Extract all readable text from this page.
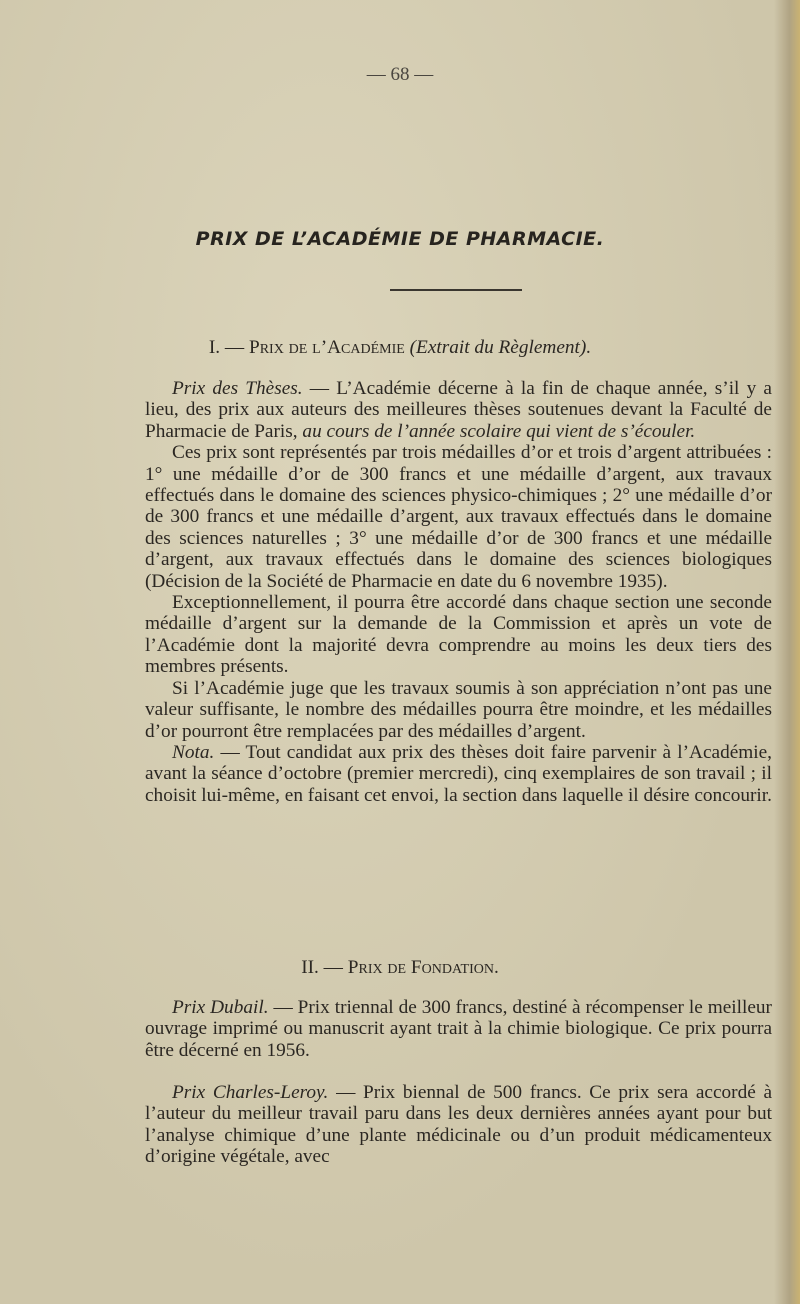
— 68 —
PRIX DE L’ACADÉMIE DE PHARMACIE.
I. — Prix de l’Académie (Extrait du Règlement).

Prix des Thèses. — L’Académie décerne à la fin de chaque année, s’il y a lieu, des prix aux auteurs des meilleures thèses soutenues devant la Faculté de Pharmacie de Paris, au cours de l’année scolaire qui vient de s’écouler.

Ces prix sont représentés par trois médailles d’or et trois d’argent attribuées : 1° une médaille d’or de 300 francs et une médaille d’argent, aux travaux effectués dans le domaine des sciences physico-chimiques ; 2° une médaille d’or de 300 francs et une médaille d’argent, aux travaux effectués dans le domaine des sciences naturelles ; 3° une médaille d’or de 300 francs et une médaille d’argent, aux travaux effectués dans le domaine des sciences biologiques (Décision de la Société de Pharmacie en date du 6 novembre 1935).

Exceptionnellement, il pourra être accordé dans chaque section une seconde médaille d’argent sur la demande de la Commission et après un vote de l’Académie dont la majorité devra comprendre au moins les deux tiers des membres présents.

Si l’Académie juge que les travaux soumis à son appréciation n’ont pas une valeur suffisante, le nombre des médailles pourra être moindre, et les médailles d’or pourront être remplacées par des médailles d’argent.

Nota. — Tout candidat aux prix des thèses doit faire parvenir à l’Académie, avant la séance d’octobre (premier mercredi), cinq exemplaires de son travail ; il choisit lui-même, en faisant cet envoi, la section dans laquelle il désire concourir.

II. — Prix de Fondation.

Prix Dubail. — Prix triennal de 300 francs, destiné à récompenser le meilleur ouvrage imprimé ou manuscrit ayant trait à la chimie biologique. Ce prix pourra être décerné en 1956.

Prix Charles-Leroy. — Prix biennal de 500 francs. Ce prix sera accordé à l’auteur du meilleur travail paru dans les deux dernières années ayant pour but l’analyse chimique d’une plante médicinale ou d’un produit médicamenteux d’origine végétale, avec
